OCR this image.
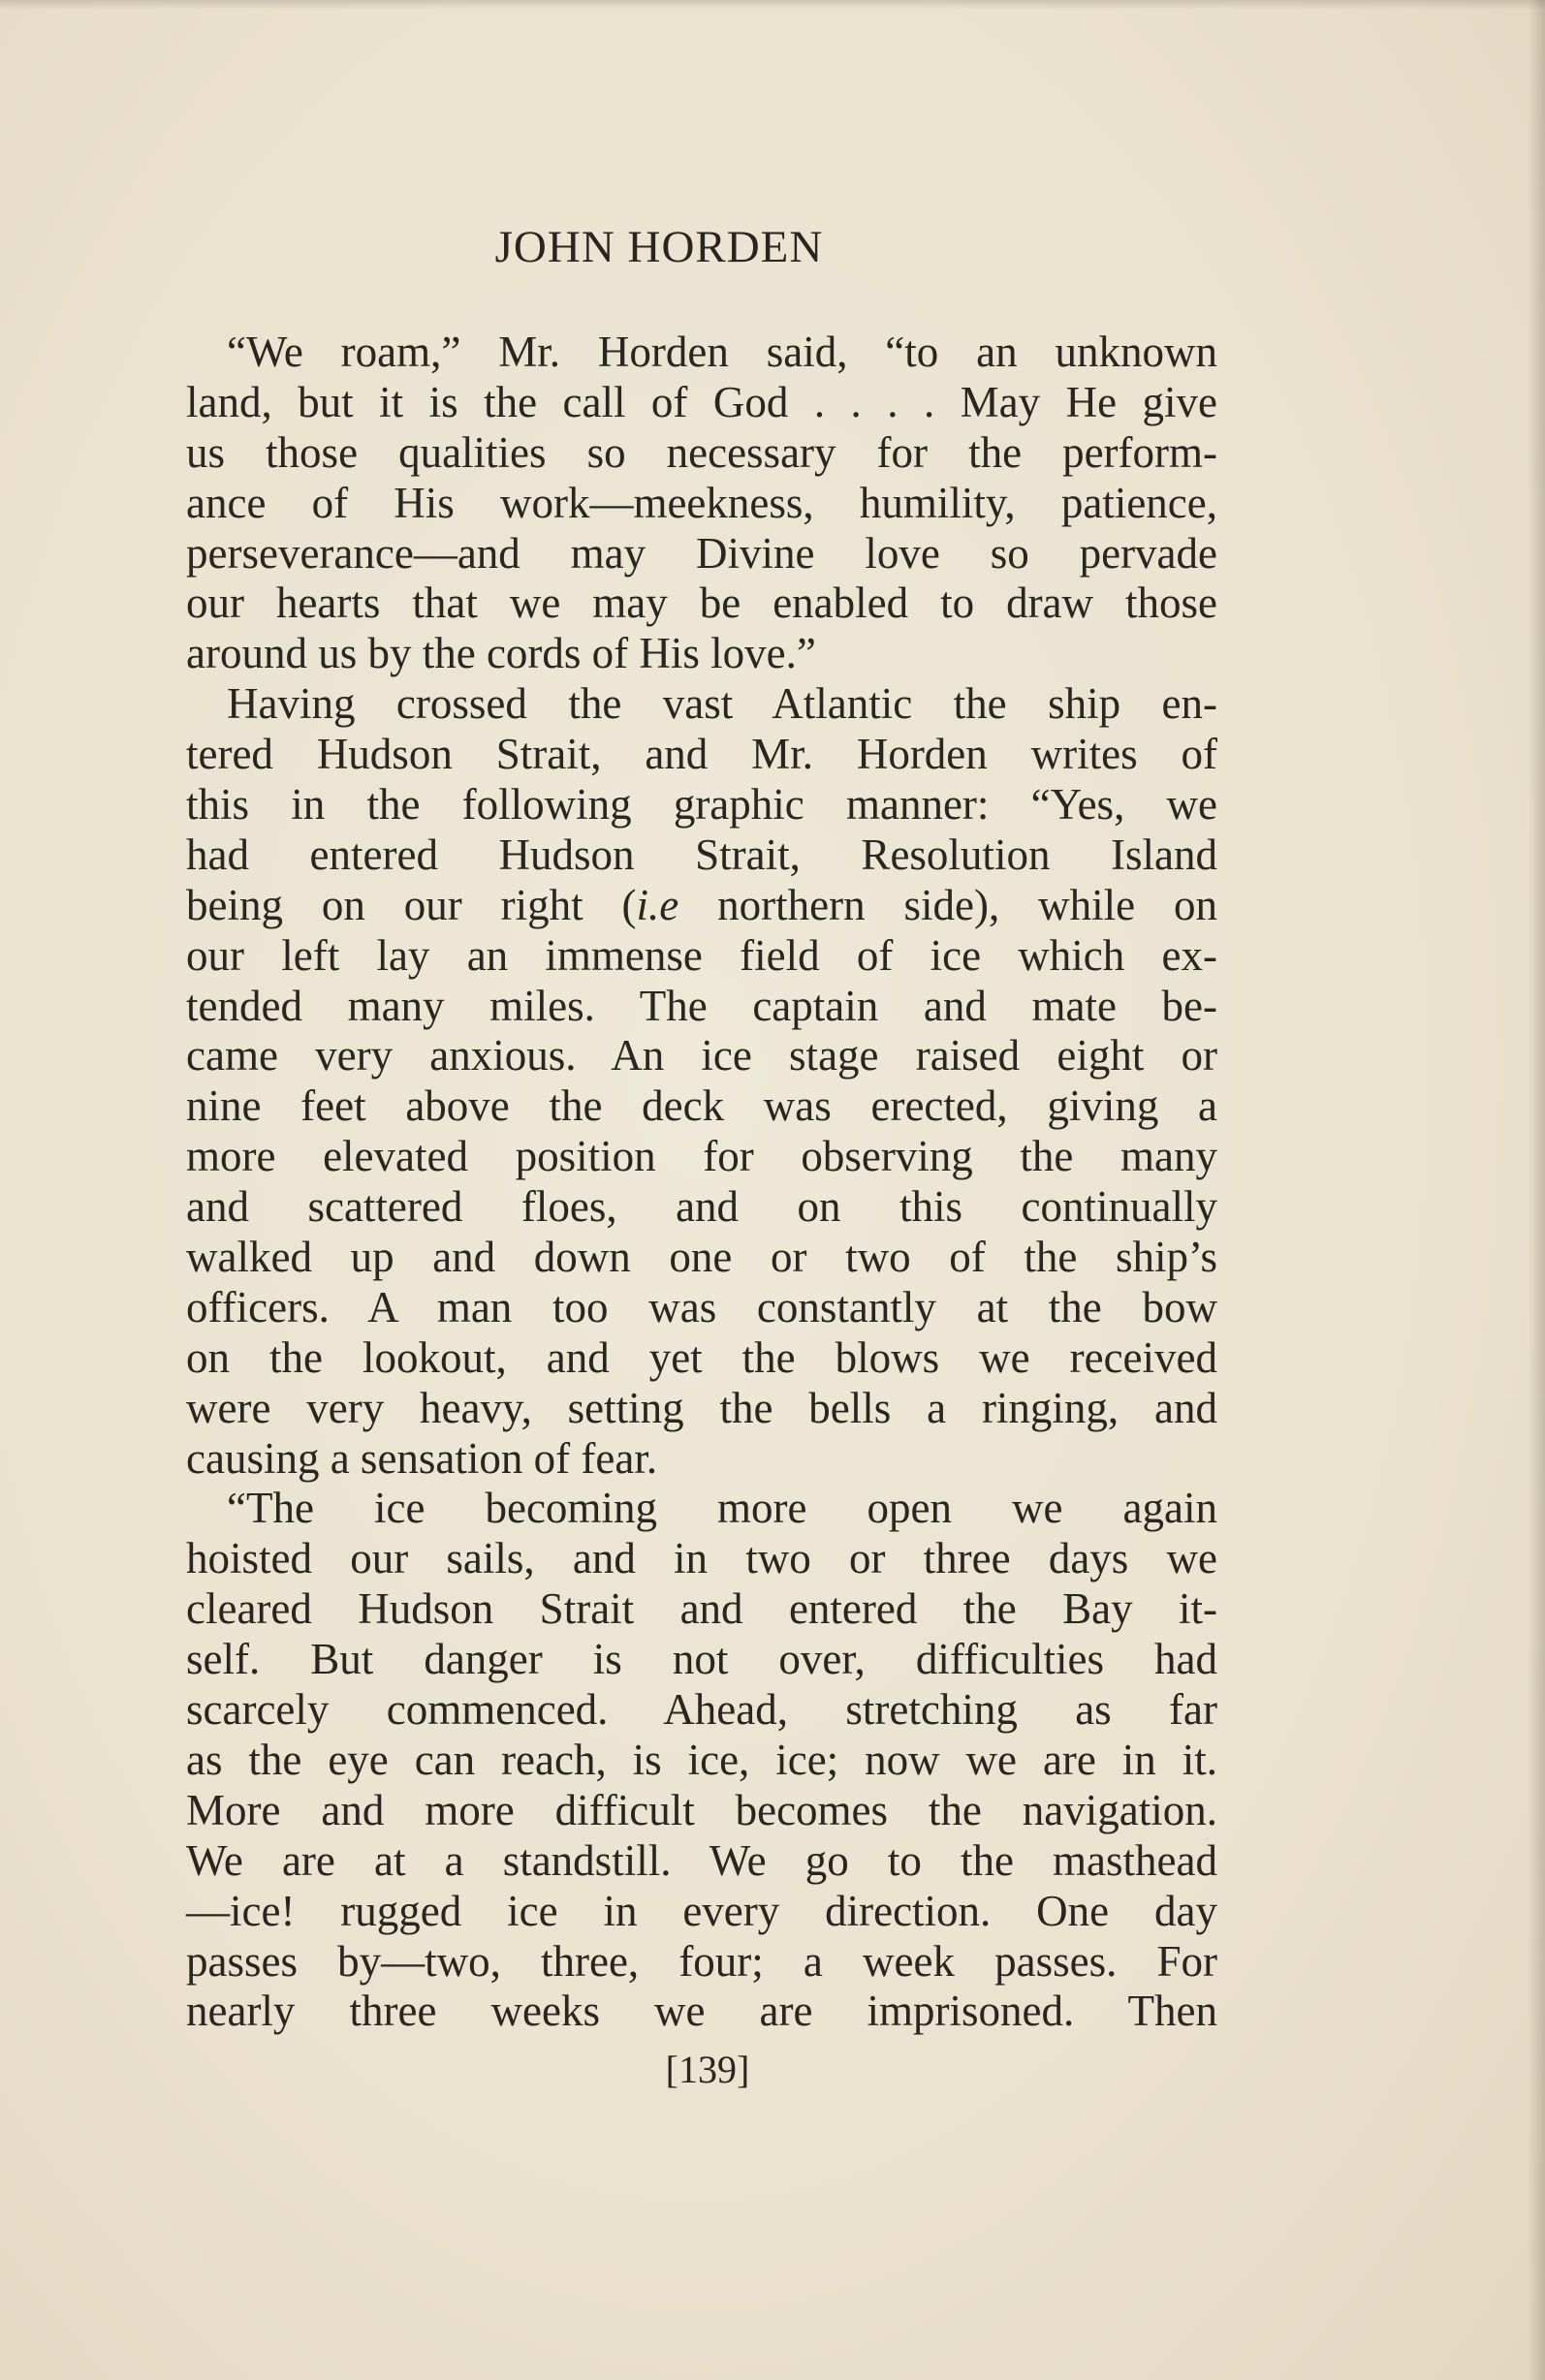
JOHN HORDEN
“We roam,” Mr. Horden said, “to an unknown
land, but it is the call of God . . . . May He give
us those qualities so necessary for the perform-
ance of His work—meekness, humility, patience,
perseverance—and may Divine love so pervade
our hearts that we may be enabled to draw those
around us by the cords of His love.”
Having crossed the vast Atlantic the ship en-
tered Hudson Strait, and Mr. Horden writes of
this in the following graphic manner: “Yes, we
had entered Hudson Strait, Resolution Island
being on our right (i.e northern side), while on
our left lay an immense field of ice which ex-
tended many miles. The captain and mate be-
came very anxious. An ice stage raised eight or
nine feet above the deck was erected, giving a
more elevated position for observing the many
and scattered floes, and on this continually
walked up and down one or two of the ship’s
officers. A man too was constantly at the bow
on the lookout, and yet the blows we received
were very heavy, setting the bells a ringing, and
causing a sensation of fear.
“The ice becoming more open we again
hoisted our sails, and in two or three days we
cleared Hudson Strait and entered the Bay it-
self. But danger is not over, difficulties had
scarcely commenced. Ahead, stretching as far
as the eye can reach, is ice, ice; now we are in it.
More and more difficult becomes the navigation.
We are at a standstill. We go to the masthead
—ice! rugged ice in every direction. One day
passes by—two, three, four; a week passes. For
nearly three weeks we are imprisoned. Then
[139]
